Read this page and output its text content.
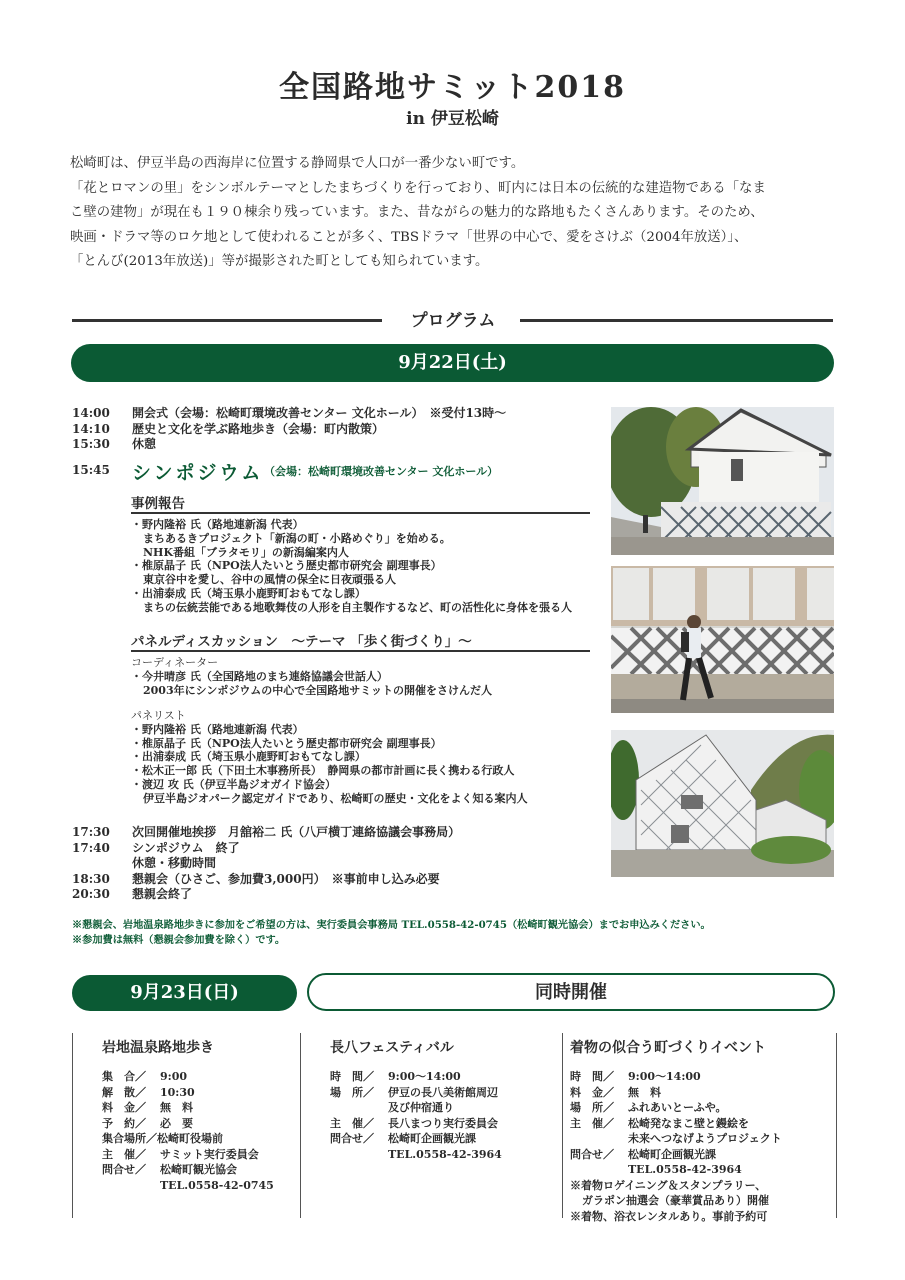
全国路地サミット2018
in 伊豆松崎

松崎町は、伊豆半島の西海岸に位置する静岡県で人口が一番少ない町です。

「花とロマンの里」をシンボルテーマとしたまちづくりを行っており、町内には日本の伝統的な建造物である「なま

こ壁の建物」が現在も１９０棟余り残っています。また、昔ながらの魅力的な路地もたくさんあります。そのため、

映画・ドラマ等のロケ地として使われることが多く、TBSドラマ「世界の中心で、愛をさけぶ（2004年放送）」、

「とんび(2013年放送)」等が撮影された町としても知られています。

プログラム
9月22日(土)
14:00	開会式（会場：松崎町環境改善センター 文化ホール）　※受付13時～
14:10	歴史と文化を学ぶ路地歩き（会場：町内散策）
15:30	休憩
15:45 シンポジウム （会場：松崎町環境改善センター 文化ホール）
事例報告
・野内隆裕 氏（路地連新潟 代表）
まちあるきプロジェクト「新潟の町・小路めぐり」を始める。
NHK番組「ブラタモリ」の新潟編案内人
・椎原晶子 氏（NPO法人たいとう歴史都市研究会 副理事長）
東京谷中を愛し、谷中の風情の保全に日夜頑張る人
・出浦泰成 氏（埼玉県小鹿野町おもてなし課）
まちの伝統芸能である地歌舞伎の人形を自主製作するなど、町の活性化に身体を張る人
パネルディスカッション　～テーマ 「歩く街づくり」～
コーディネーター
・今井晴彦 氏（全国路地のまち連絡協議会世話人）
2003年にシンポジウムの中心で全国路地サミットの開催をさけんだ人
パネリスト
・野内隆裕 氏（路地連新潟 代表）
・椎原晶子 氏（NPO法人たいとう歴史都市研究会 副理事長）
・出浦泰成 氏（埼玉県小鹿野町おもてなし課）
・松木正一郎 氏（下田土木事務所長）　静岡県の都市計画に長く携わる行政人
・渡辺 攻 氏（伊豆半島ジオガイド協会）
伊豆半島ジオパーク認定ガイドであり、松崎町の歴史・文化をよく知る案内人
17:30	次回開催地挨拶　月舘裕二 氏（八戸横丁連絡協議会事務局）
17:40	シンポジウム　終了
休憩・移動時間
18:30	懇親会（ひさご、参加費3,000円）　※事前申し込み必要
20:30	懇親会終了
※懇親会、岩地温泉路地歩きに参加をご希望の方は、実行委員会事務局 TEL.0558-42-0745（松崎町観光協会）までお申込みください。
※参加費は無料（懇親会参加費を除く）です。
9月23日(日)	同時開催
岩地温泉路地歩き
集　合／ 9:00
解　散／ 10:30
料　金／ 無　料
予　約／ 必　要
集合場所／松崎町役場前
主　催／ サミット実行委員会
問合せ／ 松崎町観光協会
TEL.0558-42-0745
長八フェスティバル
時　間／ 9:00～14:00
場　所／ 伊豆の長八美術館周辺
及び仲宿通り
主　催／ 長八まつり実行委員会
問合せ／ 松崎町企画観光課
TEL.0558-42-3964
着物の似合う町づくりイベント
時　間／ 9:00～14:00
料　金／ 無　料
場　所／ ふれあいとーふや。
主　催／ 松崎発なまこ壁と鏝絵を
未来へつなげようプロジェクト
問合せ／ 松崎町企画観光課
TEL.0558-42-3964
※着物ロゲイニング＆スタンプラリー、
ガラポン抽選会（豪華賞品あり）開催
※着物、浴衣レンタルあり。事前予約可
